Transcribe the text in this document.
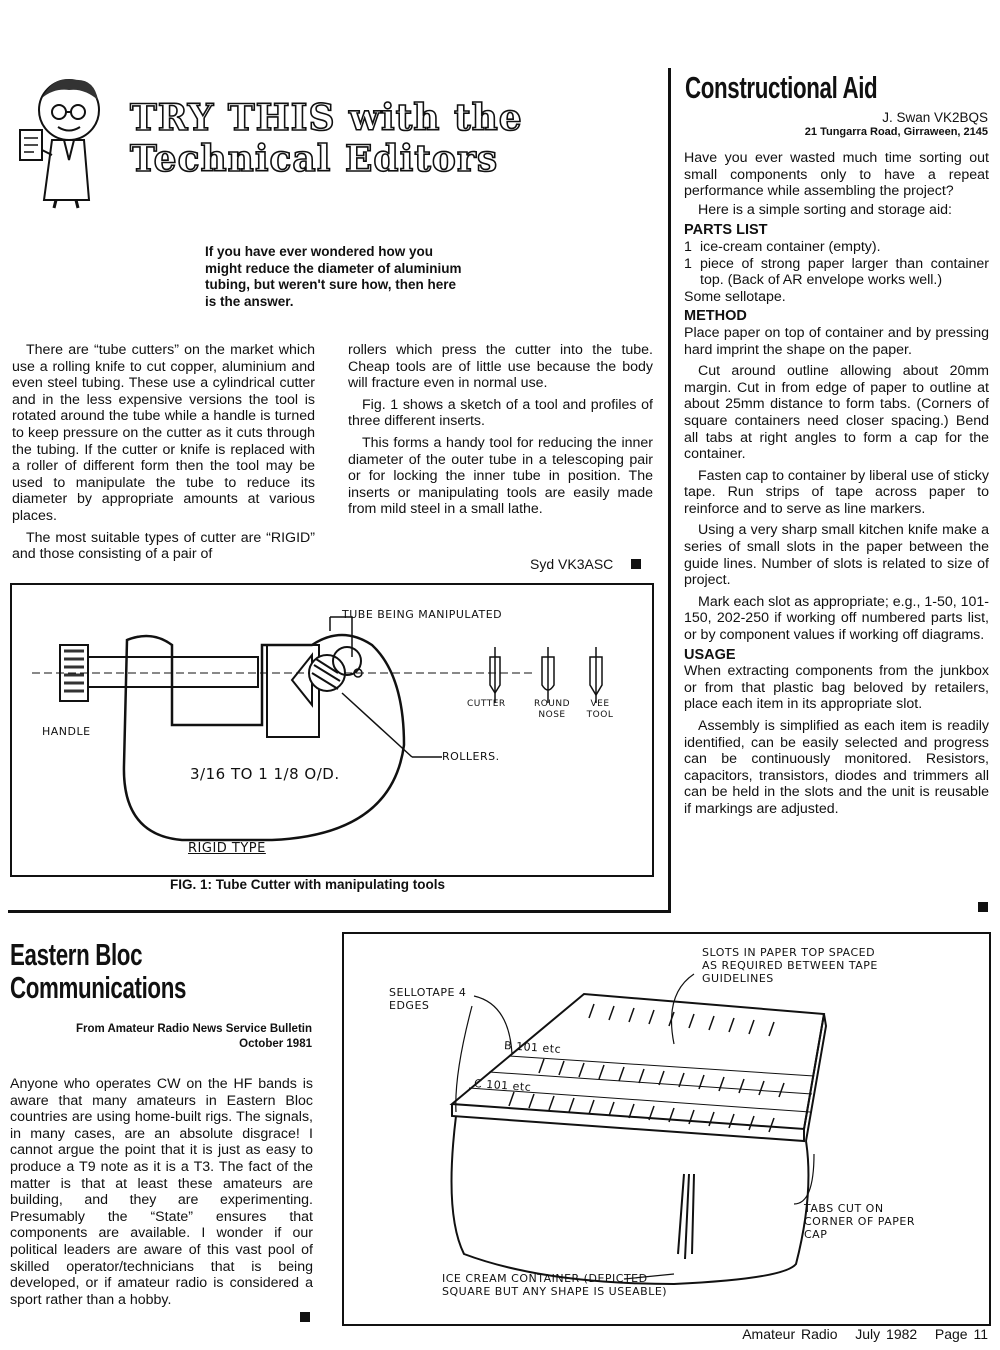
TRY THIS with the
Technical Editors
If you have ever wondered how you might reduce the diameter of aluminium tubing, but weren't sure how, then here is the answer.

There are “tube cutters” on the market which use a rolling knife to cut copper, aluminium and even steel tubing. These use a cylindrical cutter and in the less expensive versions the tool is rotated around the tube while a handle is turned to keep pressure on the cutter as it cuts through the tubing. If the cutter or knife is replaced with a roller of different form then the tool may be used to manipulate the tube to reduce its diameter by appropriate amounts at various places.

The most suitable types of cutter are “RIGID” and those consisting of a pair of

rollers which press the cutter into the tube. Cheap tools are of little use because the body will fracture even in normal use.

Fig. 1 shows a sketch of a tool and profiles of three different inserts.

This forms a handy tool for reducing the inner diameter of the outer tube in a telescoping pair or for locking the inner tube in position. The inserts or manipulating tools are easily made from mild steel in a small lathe.

Syd VK3ASC
TUBE BEING MANIPULATED
HANDLE
ROLLERS.
3/16 TO 1 1/8 O/D.
RIGID TYPE
CUTTER	ROUND NOSE
VEE TOOL
FIG. 1: Tube Cutter with manipulating tools
Constructional Aid
J. Swan VK2BQS
21 Tungarra Road, Girraween, 2145

Have you ever wasted much time sorting out small components only to have a repeat performance while assembling the project?

Here is a simple sorting and storage aid:

PARTS LIST
1 ice-cream container (empty).
1 piece of strong paper larger than container top. (Back of AR envelope works well.)

Some sellotape.

METHOD

Place paper on top of container and by pressing hard imprint the shape on the paper.

Cut around outline allowing about 20mm margin. Cut in from edge of paper to outline at about 25mm distance to form tabs. (Corners of square containers need closer spacing.) Bend all tabs at right angles to form a cap for the container.

Fasten cap to container by liberal use of sticky tape. Run strips of tape across paper to reinforce and to serve as line markers.

Using a very sharp small kitchen knife make a series of small slots in the paper between the guide lines. Number of slots is related to size of project.

Mark each slot as appropriate; e.g., 1-50, 101-150, 202-250 if working off numbered parts list, or by component values if working off diagrams.

USAGE

When extracting components from the junkbox or from that plastic bag beloved by retailers, place each item in its appropriate slot.

Assembly is simplified as each item is readily identified, can be easily selected and progress can be continuously monitored. Resistors, capacitors, transistors, diodes and trimmers all can be held in the slots and the unit is reusable if markings are adjusted.

Eastern Bloc
Communications
From Amateur Radio News Service Bulletin
October 1981

Anyone who operates CW on the HF bands is aware that many amateurs in Eastern Bloc countries are using home-built rigs. The signals, in many cases, are an absolute disgrace! I cannot argue the point that it is just as easy to produce a T9 note as it is a T3. The fact of the matter is that at least these amateurs are building, and they are experimenting. Presumably the “State” ensures that components are available. I wonder if our political leaders are aware of this vast pool of skilled operator/technicians that is being developed, or if amateur radio is considered a sport rather than a hobby.

SLOTS IN PAPER TOP SPACED AS REQUIRED BETWEEN TAPE GUIDELINES
SELLOTAPE 4 EDGES
TABS CUT ON CORNER OF PAPER CAP
ICE CREAM CONTAINER (DEPICTED SQUARE BUT ANY SHAPE IS USEABLE)
B 101 etc
C 101 etc
Amateur Radio July 1982 Page 11
